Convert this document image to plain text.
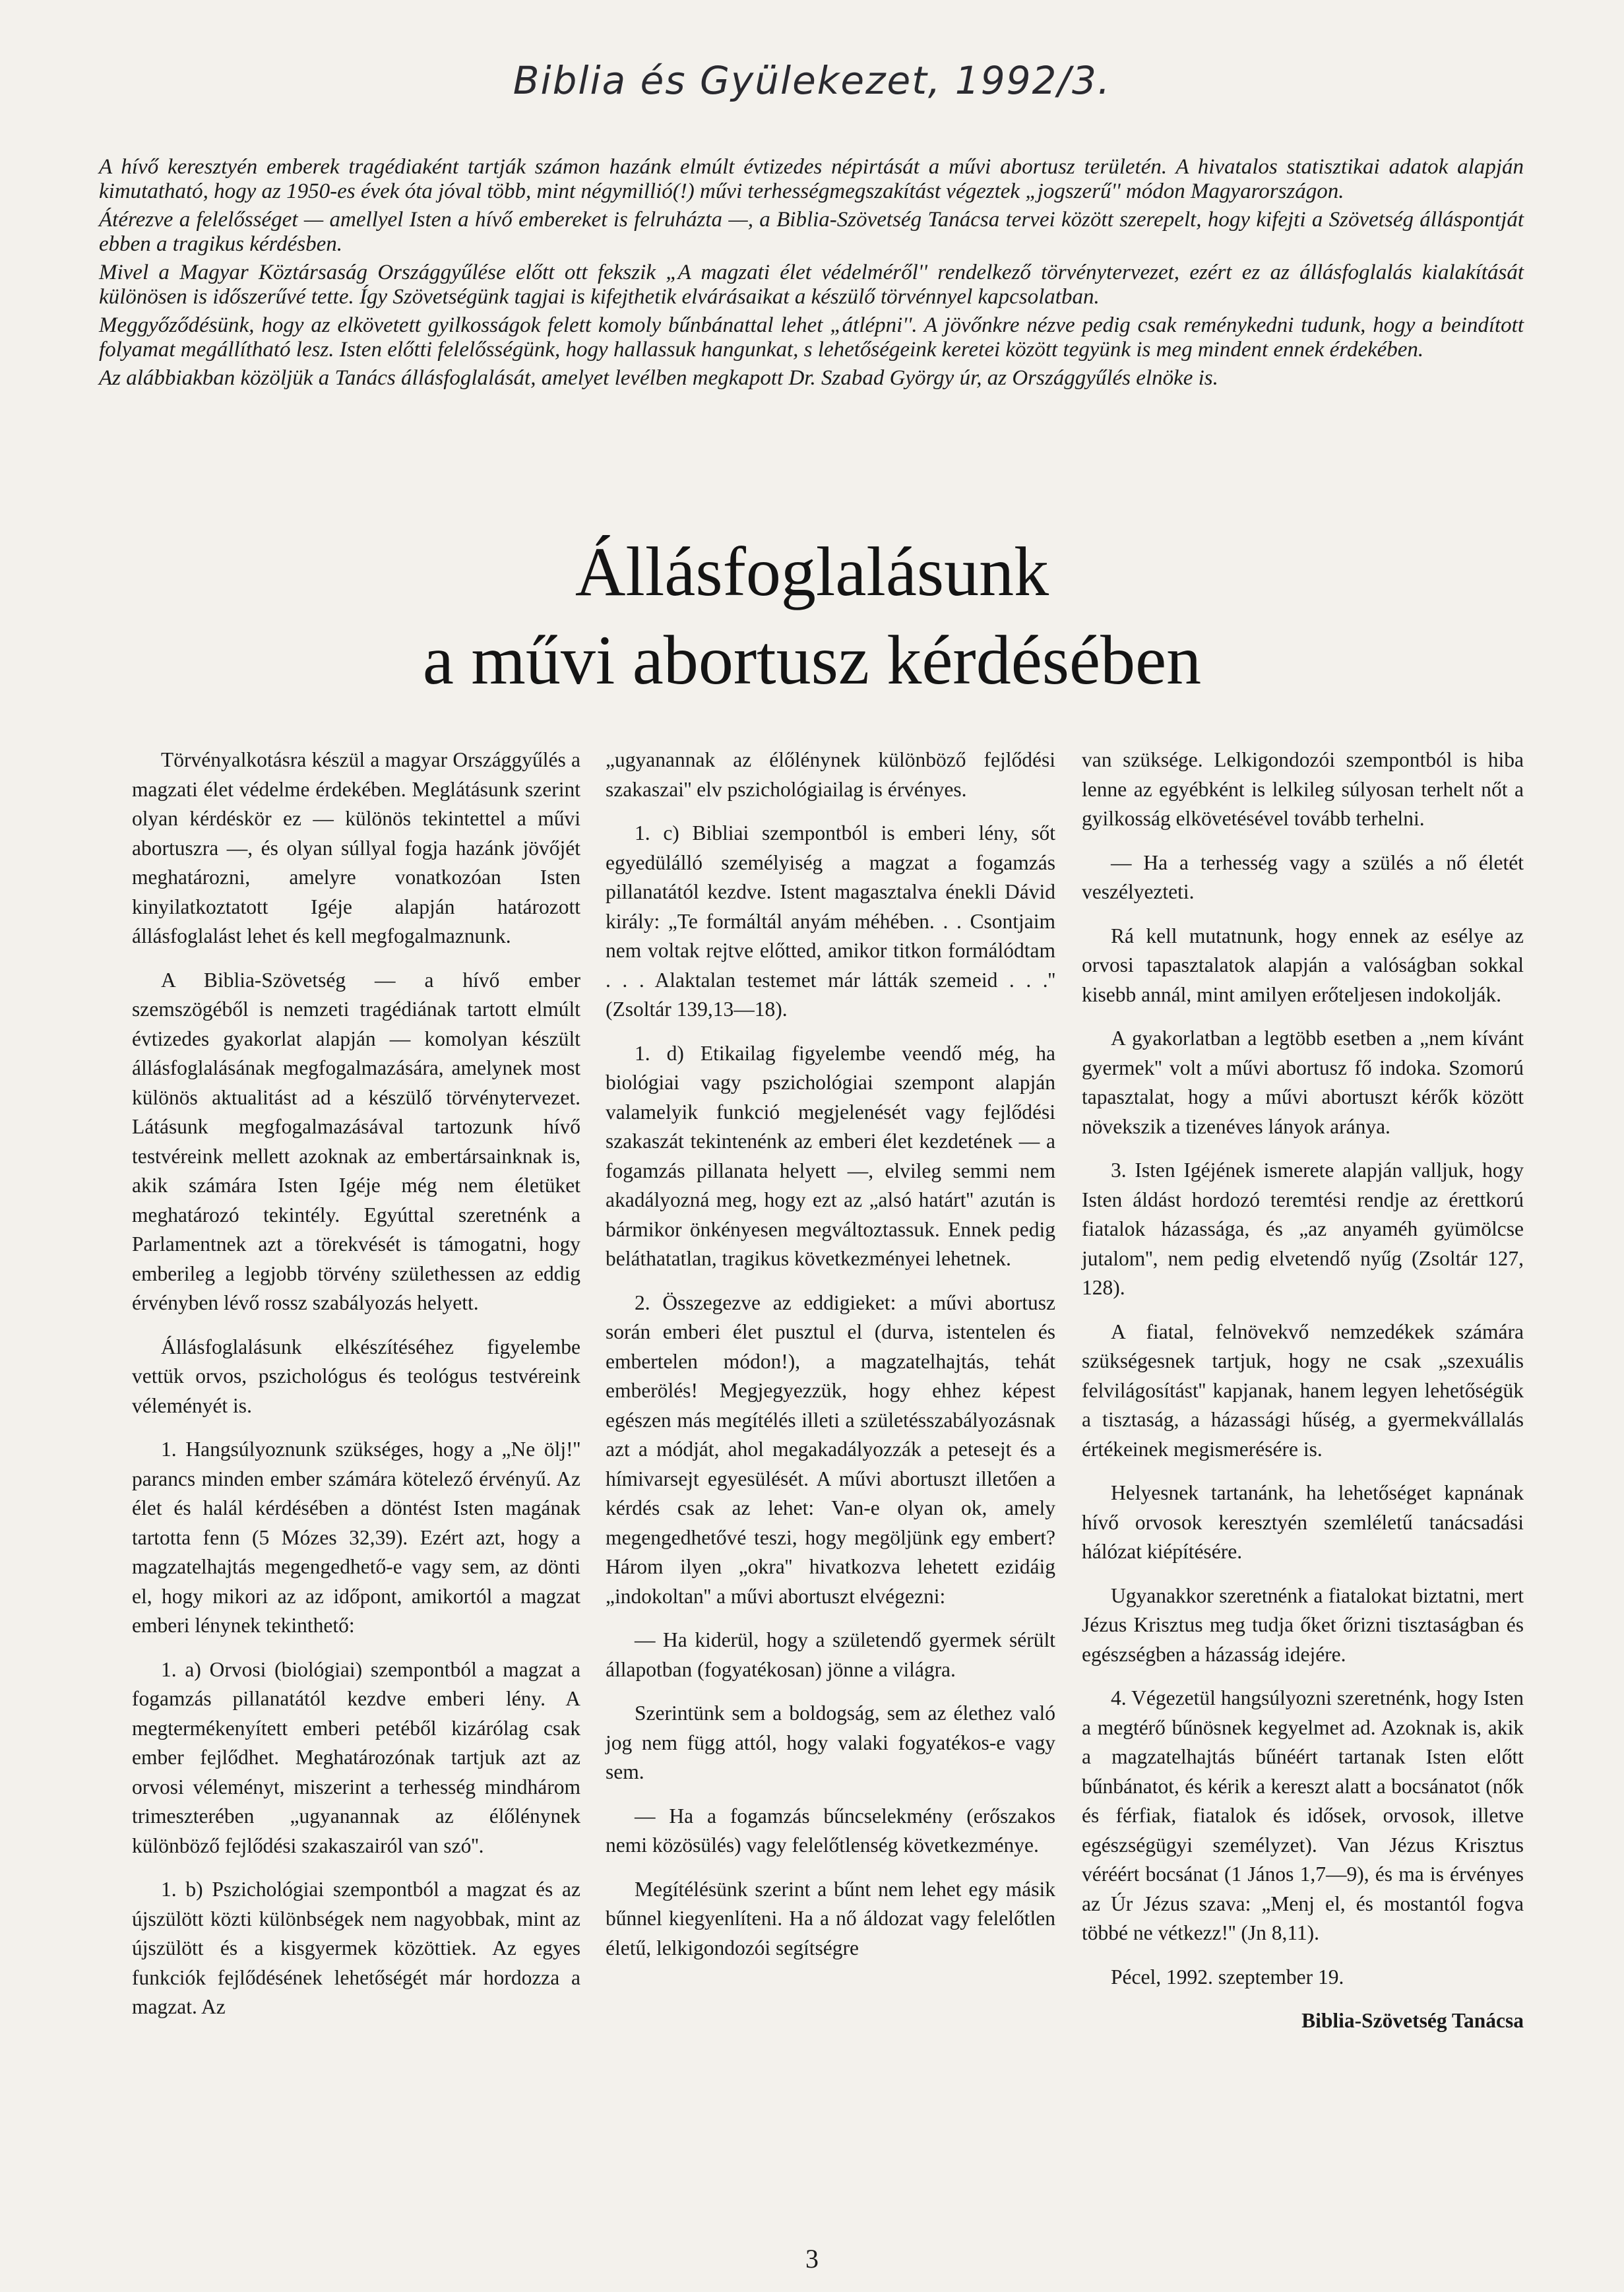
Biblia és Gyülekezet, 1992/3.

A hívő keresztyén emberek tragédiaként tartják számon hazánk elmúlt évtizedes népirtását a művi abortusz területén. A hivatalos statisztikai adatok alapján kimutatható, hogy az 1950-es évek óta jóval több, mint négymillió(!) művi terhességmegszakítást végeztek „jogszerű'' módon Magyarországon.

Átérezve a felelősséget — amellyel Isten a hívő embereket is felruházta —, a Biblia-Szövetség Tanácsa tervei között szerepelt, hogy kifejti a Szövetség álláspontját ebben a tragikus kérdésben.

Mivel a Magyar Köztársaság Országgyűlése előtt ott fekszik „A magzati élet védelméről'' rendelkező törvénytervezet, ezért ez az állásfoglalás kialakítását különösen is időszerűvé tette. Így Szövetségünk tagjai is kifejthetik elvárásaikat a készülő törvénnyel kapcsolatban.

Meggyőződésünk, hogy az elkövetett gyilkosságok felett komoly bűnbánattal lehet „átlépni''. A jövőnkre nézve pedig csak reménykedni tudunk, hogy a beindított folyamat megállítható lesz. Isten előtti felelősségünk, hogy hallassuk hangunkat, s lehetőségeink keretei között tegyünk is meg mindent ennek érdekében.

Az alábbiakban közöljük a Tanács állásfoglalását, amelyet levélben megkapott Dr. Szabad György úr, az Országgyűlés elnöke is.

Állásfoglalásunk
a művi abortusz kérdésében

Törvényalkotásra készül a magyar Országgyűlés a magzati élet védelme érdekében. Meglátásunk szerint olyan kérdéskör ez — különös tekintettel a művi abortuszra —, és olyan súllyal fogja hazánk jövőjét meghatározni, amelyre vonatkozóan Isten kinyilatkoztatott Igéje alapján határozott állásfoglalást lehet és kell megfogalmaznunk.

A Biblia-Szövetség — a hívő ember szemszögéből is nemzeti tragédiának tartott elmúlt évtizedes gyakorlat alapján — komolyan készült állásfoglalásának megfogalmazására, amelynek most különös aktualitást ad a készülő törvénytervezet. Látásunk megfogalmazásával tartozunk hívő testvéreink mellett azoknak az embertársainknak is, akik számára Isten Igéje még nem életüket meghatározó tekintély. Egyúttal szeretnénk a Parlamentnek azt a törekvését is támogatni, hogy emberileg a legjobb törvény születhessen az eddig érvényben lévő rossz szabályozás helyett.

Állásfoglalásunk elkészítéséhez figyelembe vettük orvos, pszichológus és teológus testvéreink véleményét is.

1. Hangsúlyoznunk szükséges, hogy a „Ne ölj!'' parancs minden ember számára kötelező érvényű. Az élet és halál kérdésében a döntést Isten magának tartotta fenn (5 Mózes 32,39). Ezért azt, hogy a magzatelhajtás megengedhető-e vagy sem, az dönti el, hogy mikori az az időpont, amikortól a magzat emberi lénynek tekinthető:

1. a) Orvosi (biológiai) szempontból a magzat a fogamzás pillanatától kezdve emberi lény. A megtermékenyített emberi petéből kizárólag csak ember fejlődhet. Meghatározónak tartjuk azt az orvosi véleményt, miszerint a terhesség mindhárom trimeszterében „ugyanannak az élőlénynek különböző fejlődési szakaszairól van szó''.

1. b) Pszichológiai szempontból a magzat és az újszülött közti különbségek nem nagyobbak, mint az újszülött és a kisgyermek közöttiek. Az egyes funkciók fejlődésének lehetőségét már hordozza a magzat. Az

„ugyanannak az élőlénynek különböző fejlődési szakaszai'' elv pszichológiailag is érvényes.

1. c) Bibliai szempontból is emberi lény, sőt egyedülálló személyiség a magzat a fogamzás pillanatától kezdve. Istent magasztalva énekli Dávid király: „Te formáltál anyám méhében. . . Csontjaim nem voltak rejtve előtted, amikor titkon formálódtam . . . Alaktalan testemet már látták szemeid . . .'' (Zsoltár 139,13—18).

1. d) Etikailag figyelembe veendő még, ha biológiai vagy pszichológiai szempont alapján valamelyik funkció megjelenését vagy fejlődési szakaszát tekintenénk az emberi élet kezdetének — a fogamzás pillanata helyett —, elvileg semmi nem akadályozná meg, hogy ezt az „alsó határt'' azután is bármikor önkényesen megváltoztassuk. Ennek pedig beláthatatlan, tragikus következményei lehetnek.

2. Összegezve az eddigieket: a művi abortusz során emberi élet pusztul el (durva, istentelen és embertelen módon!), a magzatelhajtás, tehát emberölés! Megjegyezzük, hogy ehhez képest egészen más megítélés illeti a születésszabályozásnak azt a módját, ahol megakadályozzák a petesejt és a hímivarsejt egyesülését. A művi abortuszt illetően a kérdés csak az lehet: Van-e olyan ok, amely megengedhetővé teszi, hogy megöljünk egy embert? Három ilyen „okra'' hivatkozva lehetett ezidáig „indokoltan'' a művi abortuszt elvégezni:

— Ha kiderül, hogy a születendő gyermek sérült állapotban (fogyatékosan) jönne a világra.

Szerintünk sem a boldogság, sem az élethez való jog nem függ attól, hogy valaki fogyatékos-e vagy sem.

— Ha a fogamzás bűncselekmény (erőszakos nemi közösülés) vagy felelőtlenség következménye.

Megítélésünk szerint a bűnt nem lehet egy másik bűnnel kiegyenlíteni. Ha a nő áldozat vagy felelőtlen életű, lelkigondozói segítségre

van szüksége. Lelkigondozói szempontból is hiba lenne az egyébként is lelkileg súlyosan terhelt nőt a gyilkosság elkövetésével tovább terhelni.

— Ha a terhesség vagy a szülés a nő életét veszélyezteti.

Rá kell mutatnunk, hogy ennek az esélye az orvosi tapasztalatok alapján a valóságban sokkal kisebb annál, mint amilyen erőteljesen indokolják.

A gyakorlatban a legtöbb esetben a „nem kívánt gyermek'' volt a művi abortusz fő indoka. Szomorú tapasztalat, hogy a művi abortuszt kérők között növekszik a tizenéves lányok aránya.

3. Isten Igéjének ismerete alapján valljuk, hogy Isten áldást hordozó teremtési rendje az érettkorú fiatalok házassága, és „az anyaméh gyümölcse jutalom'', nem pedig elvetendő nyűg (Zsoltár 127, 128).

A fiatal, felnövekvő nemzedékek számára szükségesnek tartjuk, hogy ne csak „szexuális felvilágosítást'' kapjanak, hanem legyen lehetőségük a tisztaság, a házassági hűség, a gyermekvállalás értékeinek megismerésére is.

Helyesnek tartanánk, ha lehetőséget kapnának hívő orvosok keresztyén szemléletű tanácsadási hálózat kiépítésére.

Ugyanakkor szeretnénk a fiatalokat biztatni, mert Jézus Krisztus meg tudja őket őrizni tisztaságban és egészségben a házasság idejére.

4. Végezetül hangsúlyozni szeretnénk, hogy Isten a megtérő bűnösnek kegyelmet ad. Azoknak is, akik a magzatelhajtás bűnéért tartanak Isten előtt bűnbánatot, és kérik a kereszt alatt a bocsánatot (nők és férfiak, fiatalok és idősek, orvosok, illetve egészségügyi személyzet). Van Jézus Krisztus véréért bocsánat (1 János 1,7—9), és ma is érvényes az Úr Jézus szava: „Menj el, és mostantól fogva többé ne vétkezz!'' (Jn 8,11).

Pécel, 1992. szeptember 19.

Biblia-Szövetség Tanácsa
3
